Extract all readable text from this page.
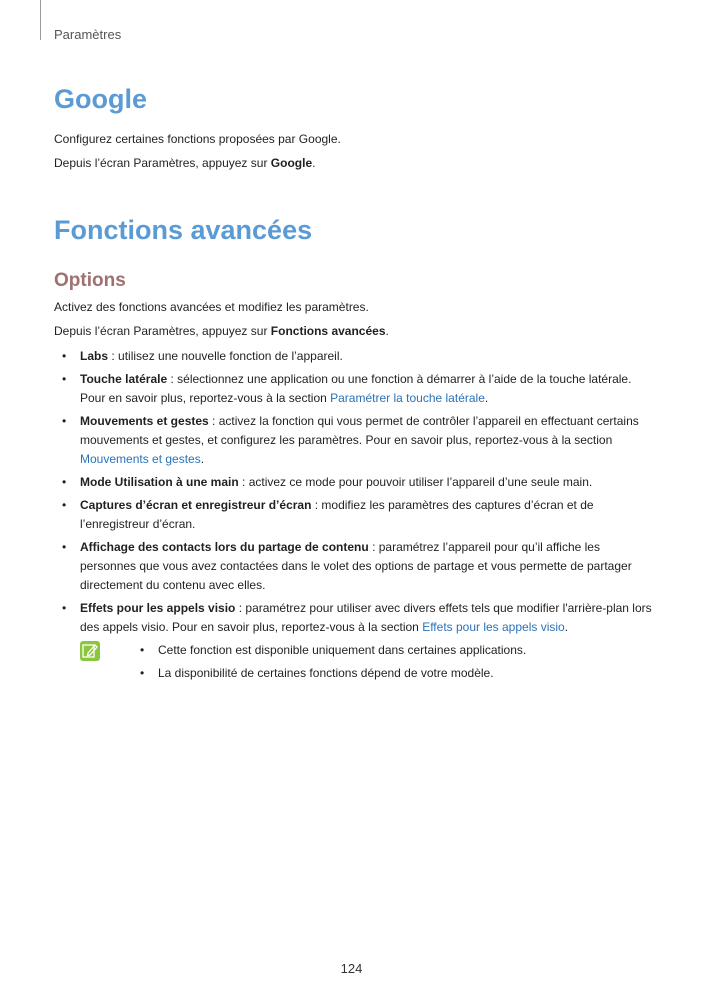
Paramètres
Google

Configurez certaines fonctions proposées par Google.

Depuis l’écran Paramètres, appuyez sur Google.

Fonctions avancées
Options

Activez des fonctions avancées et modifiez les paramètres.

Depuis l’écran Paramètres, appuyez sur Fonctions avancées.

• Labs : utilisez une nouvelle fonction de l’appareil.
• Touche latérale : sélectionnez une application ou une fonction à démarrer à l’aide de la touche latérale. Pour en savoir plus, reportez-vous à la section Paramétrer la touche latérale.
• Mouvements et gestes : activez la fonction qui vous permet de contrôler l’appareil en effectuant certains mouvements et gestes, et configurez les paramètres. Pour en savoir plus, reportez-vous à la section Mouvements et gestes.
• Mode Utilisation à une main : activez ce mode pour pouvoir utiliser l’appareil d’une seule main.
• Captures d’écran et enregistreur d’écran : modifiez les paramètres des captures d’écran et de l’enregistreur d’écran.
• Affichage des contacts lors du partage de contenu : paramétrez l’appareil pour qu’il affiche les personnes que vous avez contactées dans le volet des options de partage et vous permette de partager directement du contenu avec elles.
• Effets pour les appels visio : paramétrez pour utiliser avec divers effets tels que modifier l'arrière-plan lors des appels visio. Pour en savoir plus, reportez-vous à la section Effets pour les appels visio.
• Cette fonction est disponible uniquement dans certaines applications.
• La disponibilité de certaines fonctions dépend de votre modèle.
124
